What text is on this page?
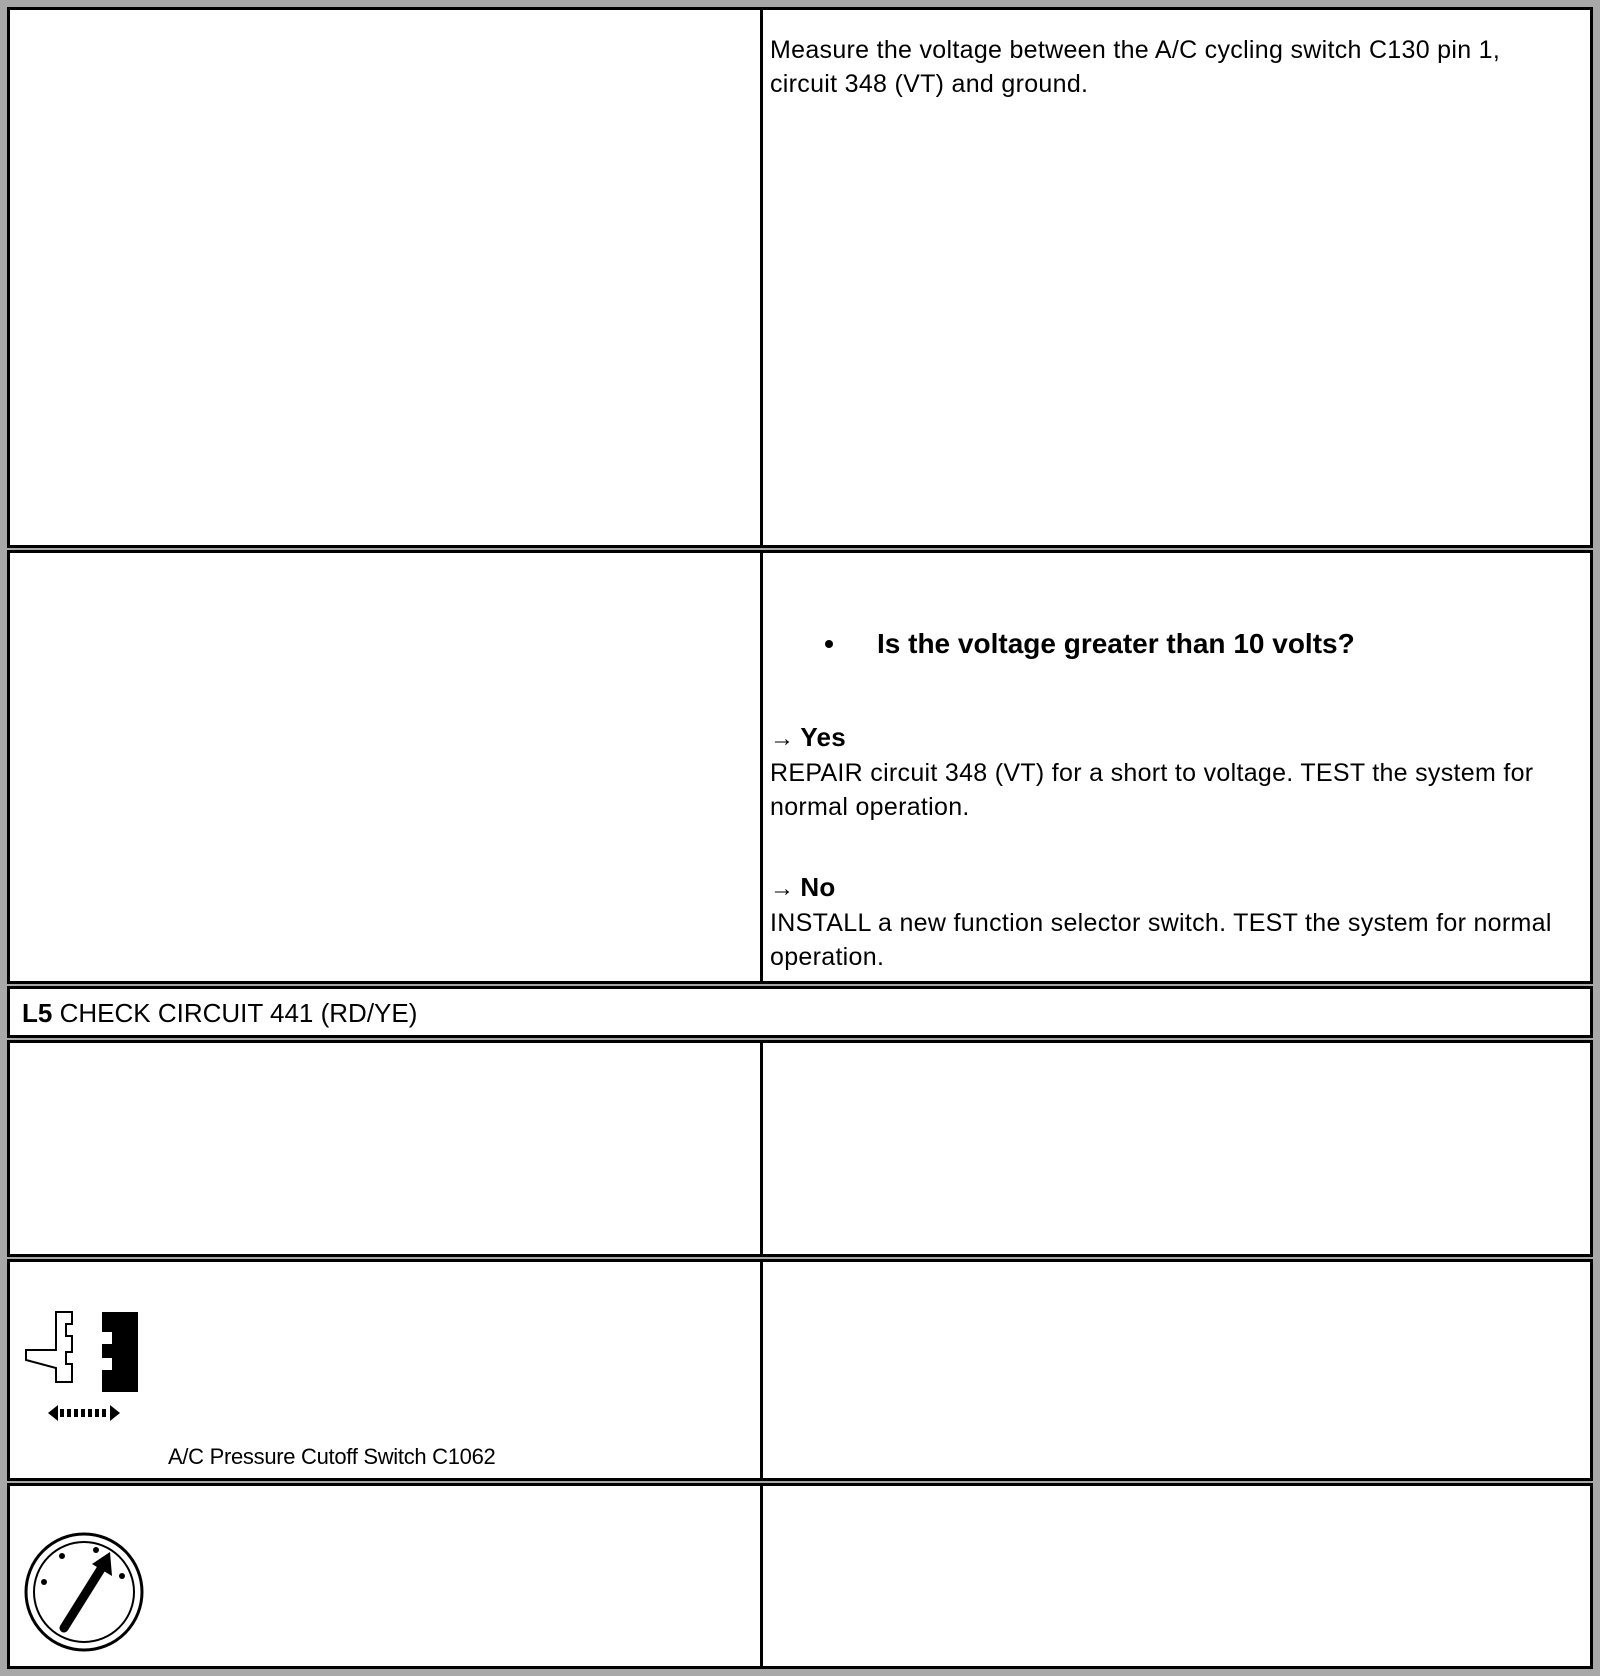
Measure the voltage between the A/C cycling switch C130 pin 1, circuit 348 (VT) and ground.
Is the voltage greater than 10 volts?
→ Yes
REPAIR circuit 348 (VT) for a short to voltage. TEST the system for normal operation.
→ No
INSTALL a new function selector switch. TEST the system for normal operation.
L5 CHECK CIRCUIT 441 (RD/YE)
A/C Pressure Cutoff Switch C1062
